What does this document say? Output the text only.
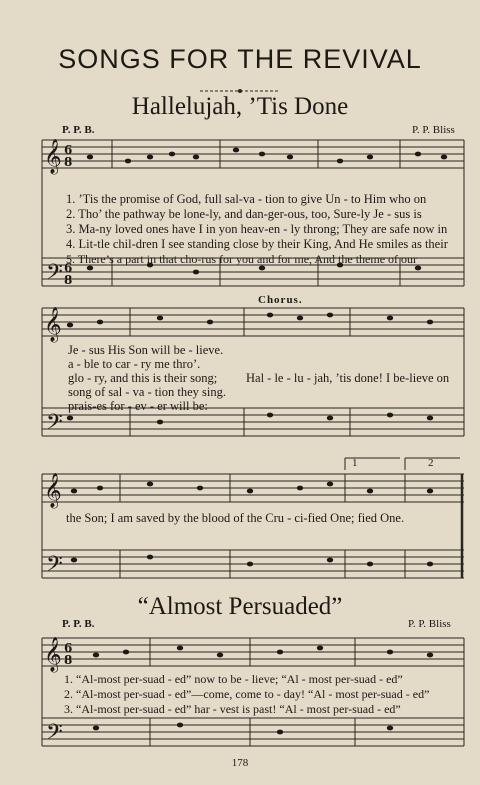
SONGS FOR THE REVIVAL
Hallelujah, ’Tis Done
P. P. B.	P. P. Bliss
𝄞
𝄢
6
8
6
8
𝄞
𝄢
𝄞
𝄢
𝄞
𝄢
6
8
1. ’Tis the promise of God, full sal-va - tion to give Un - to Him who on
2. Tho’ the pathway be lone-ly, and dan-ger-ous, too, Sure-ly Je - sus is
3. Ma-ny loved ones have I in yon heav-en - ly throng; They are safe now in
4. Lit-tle chil-dren I see standing close by their King, And He smiles as their
5. There’s a part in that cho-rus for you and for me, And the theme of our
Chorus.
Je - sus His Son will be - lieve.
a - ble to car - ry me thro’.
glo - ry, and this is their song;
song of sal - va - tion they sing.
prais-es for - ev - er will be:
Hal - le - lu - jah, ’tis done! I be-lieve on
1	2
the Son; I am saved by the blood of the Cru - ci-fied One; fied One.
“Almost Persuaded”
P. P. B.	P. P. Bliss
1. “Al-most per-suad - ed” now to be - lieve; “Al - most per-suad - ed”
2. “Al-most per-suad - ed”—come, come to - day! “Al - most per-suad - ed”
3. “Al-most per-suad - ed” har - vest is past! “Al - most per-suad - ed”
178
